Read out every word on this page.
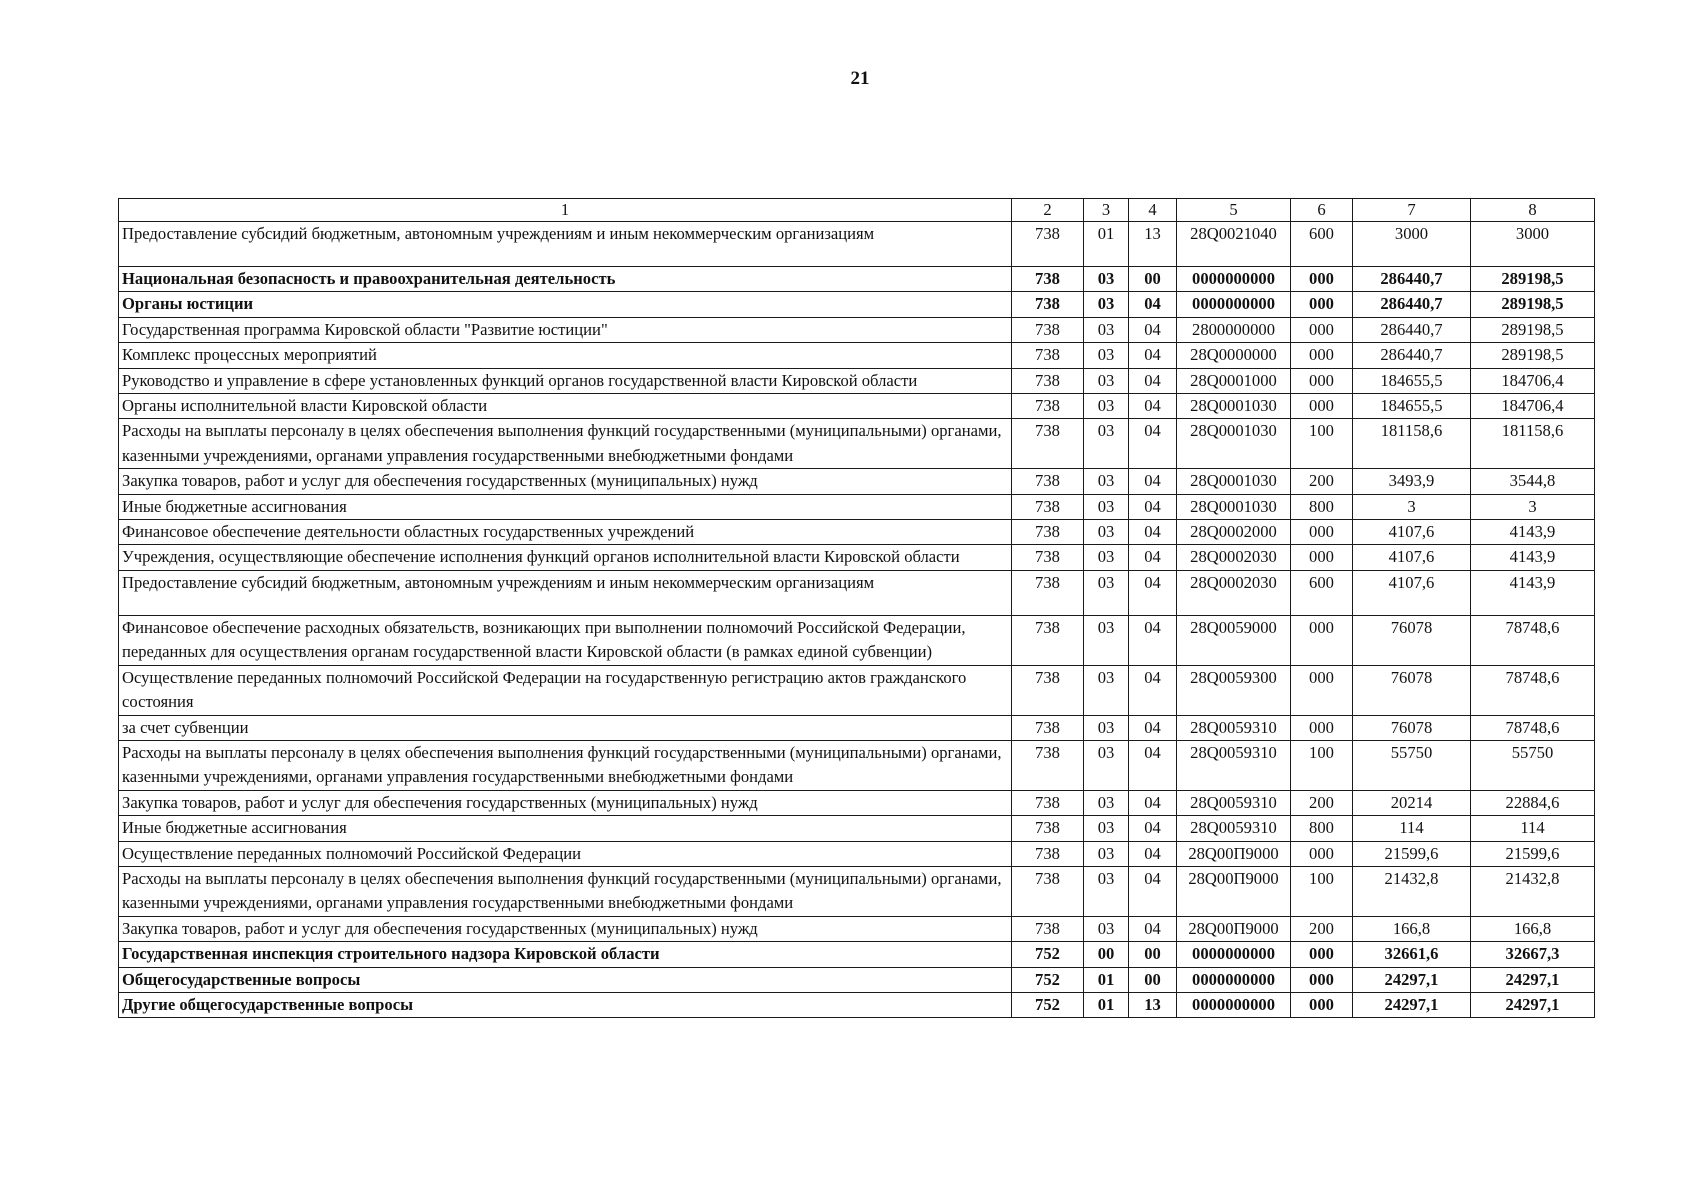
21
1	2	3	4	5	6	7	8
Предоставление субсидий бюджетным, автономным учреждениям и иным некоммерческим организациям	738	01	13	28Q0021040	600	3000	3000
Национальная безопасность и правоохранительная деятельность	738	03	00	0000000000	000	286440,7	289198,5
Органы юстиции	738	03	04	0000000000	000	286440,7	289198,5
Государственная программа Кировской области "Развитие юстиции"	738	03	04	2800000000	000	286440,7	289198,5
Комплекс процессных мероприятий	738	03	04	28Q0000000	000	286440,7	289198,5
Руководство и управление в сфере установленных функций органов государственной власти Кировской области	738	03	04	28Q0001000	000	184655,5	184706,4
Органы исполнительной власти Кировской области	738	03	04	28Q0001030	000	184655,5	184706,4
Расходы на выплаты персоналу в целях обеспечения выполнения функций государственными (муниципальными) органами, казенными учреждениями, органами управления государственными внебюджетными фондами	738	03	04	28Q0001030	100	181158,6	181158,6
Закупка товаров, работ и услуг для обеспечения государственных (муниципальных) нужд	738	03	04	28Q0001030	200	3493,9	3544,8
Иные бюджетные ассигнования	738	03	04	28Q0001030	800	3	3
Финансовое обеспечение деятельности областных государственных учреждений	738	03	04	28Q0002000	000	4107,6	4143,9
Учреждения, осуществляющие обеспечение исполнения функций органов исполнительной власти Кировской области	738	03	04	28Q0002030	000	4107,6	4143,9
Предоставление субсидий бюджетным, автономным учреждениям и иным некоммерческим организациям	738	03	04	28Q0002030	600	4107,6	4143,9
Финансовое обеспечение расходных обязательств, возникающих при выполнении полномочий Российской Федерации, переданных для осуществления органам государственной власти Кировской области (в рамках единой субвенции)	738	03	04	28Q0059000	000	76078	78748,6
Осуществление переданных полномочий Российской Федерации на государственную регистрацию актов гражданского состояния	738	03	04	28Q0059300	000	76078	78748,6
за счет субвенции	738	03	04	28Q0059310	000	76078	78748,6
Расходы на выплаты персоналу в целях обеспечения выполнения функций государственными (муниципальными) органами, казенными учреждениями, органами управления государственными внебюджетными фондами	738	03	04	28Q0059310	100	55750	55750
Закупка товаров, работ и услуг для обеспечения государственных (муниципальных) нужд	738	03	04	28Q0059310	200	20214	22884,6
Иные бюджетные ассигнования	738	03	04	28Q0059310	800	114	114
Осуществление переданных полномочий Российской Федерации	738	03	04	28Q00П9000	000	21599,6	21599,6
Расходы на выплаты персоналу в целях обеспечения выполнения функций государственными (муниципальными) органами, казенными учреждениями, органами управления государственными внебюджетными фондами	738	03	04	28Q00П9000	100	21432,8	21432,8
Закупка товаров, работ и услуг для обеспечения государственных (муниципальных) нужд	738	03	04	28Q00П9000	200	166,8	166,8
Государственная инспекция строительного надзора Кировской области	752	00	00	0000000000	000	32661,6	32667,3
Общегосударственные вопросы	752	01	00	0000000000	000	24297,1	24297,1
Другие общегосударственные вопросы	752	01	13	0000000000	000	24297,1	24297,1
